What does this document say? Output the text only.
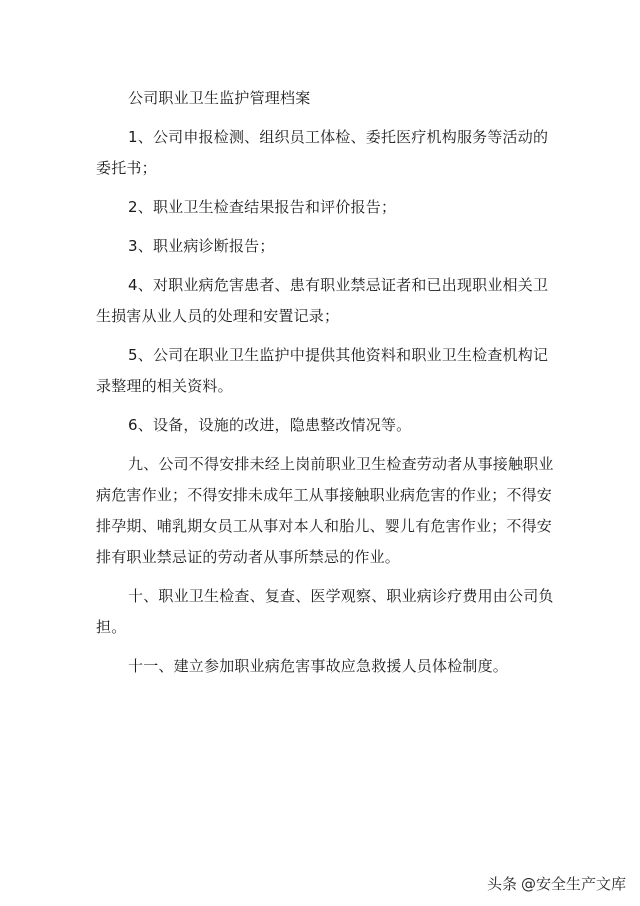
公司职业卫生监护管理档案

1、公司申报检测、组织员工体检、委托医疗机构服务等活动的委托书；

2、职业卫生检查结果报告和评价报告；

3、职业病诊断报告；

4、对职业病危害患者、患有职业禁忌证者和已出现职业相关卫生损害从业人员的处理和安置记录；

5、公司在职业卫生监护中提供其他资料和职业卫生检查机构记录整理的相关资料。

6、设备，设施的改进，隐患整改情况等。

九、公司不得安排未经上岗前职业卫生检查劳动者从事接触职业病危害作业；不得安排未成年工从事接触职业病危害的作业；不得安排孕期、哺乳期女员工从事对本人和胎儿、婴儿有危害作业；不得安排有职业禁忌证的劳动者从事所禁忌的作业。

十、职业卫生检查、复查、医学观察、职业病诊疗费用由公司负担。

十一、建立参加职业病危害事故应急救援人员体检制度。

头条 @安全生产文库
